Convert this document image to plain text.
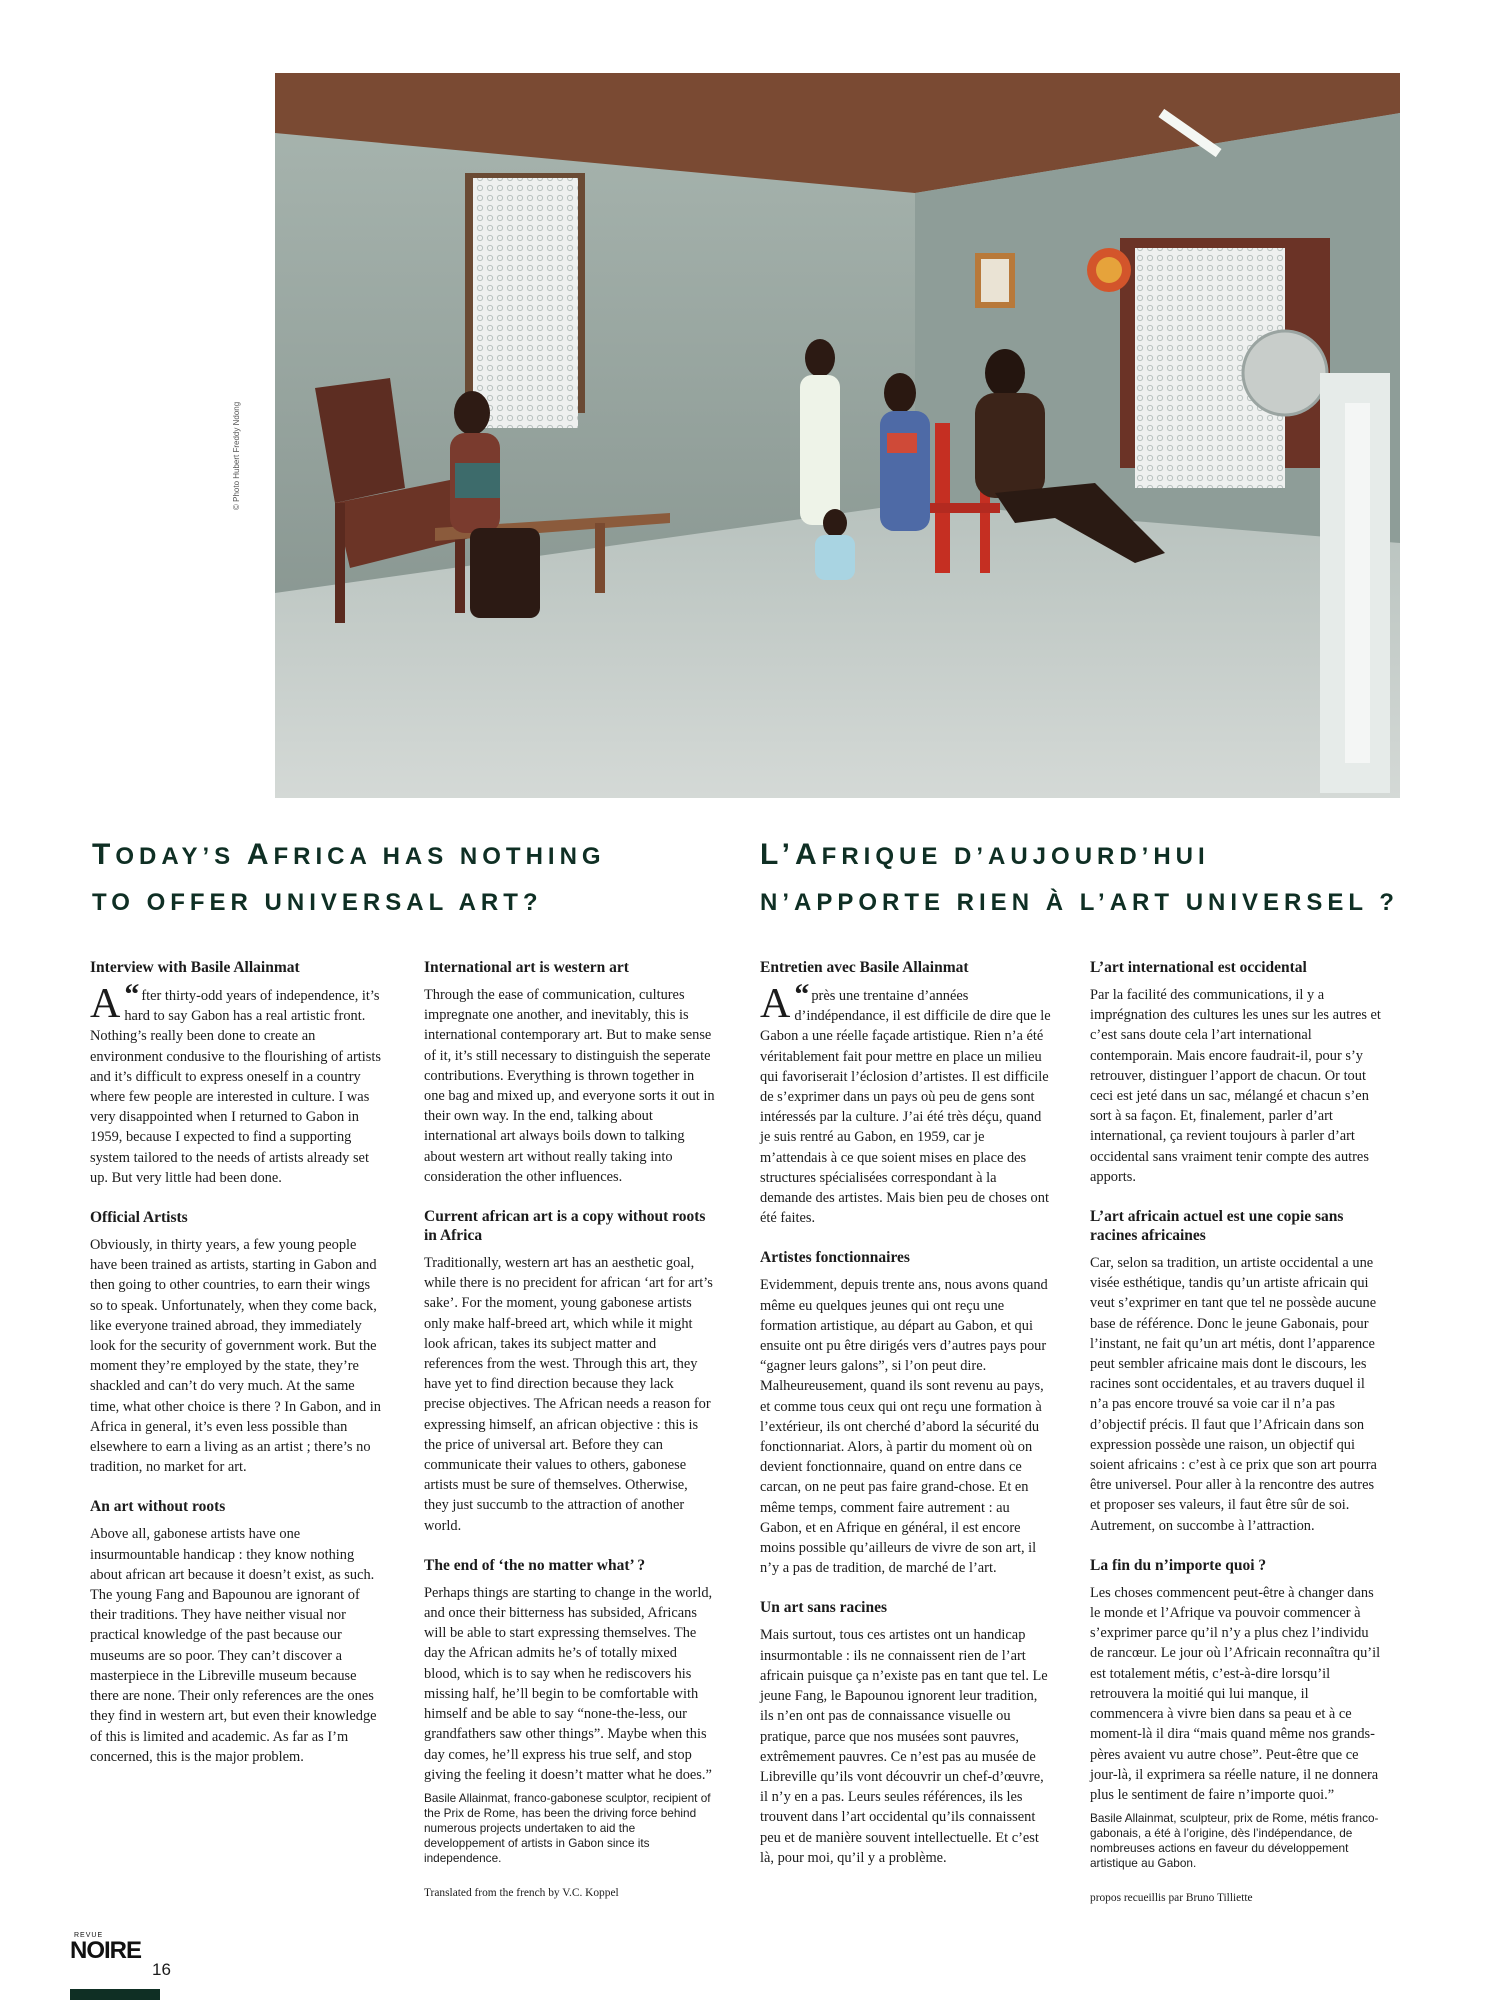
© Photo Hubert Freddy Ndong
TODAY’S AFRICA HAS NOTHING
TO OFFER UNIVERSAL ART?
L’AFRIQUE D’AUJOURD’HUI
N’APPORTE RIEN À L’ART UNIVERSEL ?
Interview with Basile Allainmat

“
A fter thirty-odd years of independence, it’s hard to say Gabon has a real artistic front. Nothing’s really been done to create an environment condusive to the flourishing of artists and it’s difficult to express oneself in a country where few people are interested in culture. I was very disappointed when I returned to Gabon in 1959, because I expected to find a supporting system tailored to the needs of artists already set up. But very little had been done.

Official Artists

Obviously, in thirty years, a few young people have been trained as artists, starting in Gabon and then going to other countries, to earn their wings so to speak. Unfortunately, when they come back, like everyone trained abroad, they immediately look for the security of government work. But the moment they’re employed by the state, they’re shackled and can’t do very much. At the same time, what other choice is there ? In Gabon, and in Africa in general, it’s even less possible than elsewhere to earn a living as an artist ; there’s no tradition, no market for art.

An art without roots

Above all, gabonese artists have one insurmountable handicap : they know nothing about african art because it doesn’t exist, as such. The young Fang and Bapounou are ignorant of their traditions. They have neither visual nor practical knowledge of the past because our museums are so poor. They can’t discover a masterpiece in the Libreville museum because there are none. Their only references are the ones they find in western art, but even their knowledge of this is limited and academic. As far as I’m concerned, this is the major problem.

International art is western art

Through the ease of communication, cultures impregnate one another, and inevitably, this is international contemporary art. But to make sense of it, it’s still necessary to distinguish the seperate contributions. Everything is thrown together in one bag and mixed up, and everyone sorts it out in their own way. In the end, talking about international art always boils down to talking about western art without really taking into consideration the other influences.

Current african art is a copy without roots in Africa

Traditionally, western art has an aesthetic goal, while there is no precident for african ‘art for art’s sake’. For the moment, young gabonese artists only make half-breed art, which while it might look african, takes its subject matter and references from the west. Through this art, they have yet to find direction because they lack precise objectives. The African needs a reason for expressing himself, an african objective : this is the price of universal art. Before they can communicate their values to others, gabonese artists must be sure of themselves. Otherwise, they just succumb to the attraction of another world.

The end of ‘the no matter what’ ?

Perhaps things are starting to change in the world, and once their bitterness has subsided, Africans will be able to start expressing themselves. The day the African admits he’s of totally mixed blood, which is to say when he rediscovers his missing half, he’ll begin to be comfortable with himself and be able to say “none-the-less, our grandfathers saw other things”. Maybe when this day comes, he’ll express his true self, and stop giving the feeling it doesn’t matter what he does.”

Basile Allainmat, franco-gabonese sculptor, recipient of the Prix de Rome, has been the driving force behind numerous projects undertaken to aid the developpement of artists in Gabon since its independence.

Translated from the french by V.C. Koppel

Entretien avec Basile Allainmat

“
A près une trentaine d’années d’indépendance, il est difficile de dire que le Gabon a une réelle façade artistique. Rien n’a été véritablement fait pour mettre en place un milieu qui favoriserait l’éclosion d’artistes. Il est difficile de s’exprimer dans un pays où peu de gens sont intéressés par la culture. J’ai été très déçu, quand je suis rentré au Gabon, en 1959, car je m’attendais à ce que soient mises en place des structures spécialisées correspondant à la demande des artistes. Mais bien peu de choses ont été faites.

Artistes fonctionnaires

Evidemment, depuis trente ans, nous avons quand même eu quelques jeunes qui ont reçu une formation artistique, au départ au Gabon, et qui ensuite ont pu être dirigés vers d’autres pays pour “gagner leurs galons”, si l’on peut dire. Malheureusement, quand ils sont revenu au pays, et comme tous ceux qui ont reçu une formation à l’extérieur, ils ont cherché d’abord la sécurité du fonctionnariat. Alors, à partir du moment où on devient fonctionnaire, quand on entre dans ce carcan, on ne peut pas faire grand-chose. Et en même temps, comment faire autrement : au Gabon, et en Afrique en général, il est encore moins possible qu’ailleurs de vivre de son art, il n’y a pas de tradition, de marché de l’art.

Un art sans racines

Mais surtout, tous ces artistes ont un handicap insurmontable : ils ne connaissent rien de l’art africain puisque ça n’existe pas en tant que tel. Le jeune Fang, le Bapounou ignorent leur tradition, ils n’en ont pas de connaissance visuelle ou pratique, parce que nos musées sont pauvres, extrêmement pauvres. Ce n’est pas au musée de Libreville qu’ils vont découvrir un chef-d’œuvre, il n’y en a pas. Leurs seules références, ils les trouvent dans l’art occidental qu’ils connaissent peu et de manière souvent intellectuelle. Et c’est là, pour moi, qu’il y a problème.

L’art international est occidental

Par la facilité des communications, il y a imprégnation des cultures les unes sur les autres et c’est sans doute cela l’art international contemporain. Mais encore faudrait-il, pour s’y retrouver, distinguer l’apport de chacun. Or tout ceci est jeté dans un sac, mélangé et chacun s’en sort à sa façon. Et, finalement, parler d’art international, ça revient toujours à parler d’art occidental sans vraiment tenir compte des autres apports.

L’art africain actuel est une copie sans racines africaines

Car, selon sa tradition, un artiste occidental a une visée esthétique, tandis qu’un artiste africain qui veut s’exprimer en tant que tel ne possède aucune base de référence. Donc le jeune Gabonais, pour l’instant, ne fait qu’un art métis, dont l’apparence peut sembler africaine mais dont le discours, les racines sont occidentales, et au travers duquel il n’a pas encore trouvé sa voie car il n’a pas d’objectif précis. Il faut que l’Africain dans son expression possède une raison, un objectif qui soient africains : c’est à ce prix que son art pourra être universel. Pour aller à la rencontre des autres et proposer ses valeurs, il faut être sûr de soi. Autrement, on succombe à l’attraction.

La fin du n’importe quoi ?

Les choses commencent peut-être à changer dans le monde et l’Afrique va pouvoir commencer à s’exprimer parce qu’il n’y a plus chez l’individu de rancœur. Le jour où l’Africain reconnaîtra qu’il est totalement métis, c’est-à-dire lorsqu’il retrouvera la moitié qui lui manque, il commencera à vivre bien dans sa peau et à ce moment-là il dira “mais quand même nos grands-pères avaient vu autre chose”. Peut-être que ce jour-là, il exprimera sa réelle nature, il ne donnera plus le sentiment de faire n’importe quoi.”

Basile Allainmat, sculpteur, prix de Rome, métis franco-gabonais, a été à l’origine, dès l’indépendance, de nombreuses actions en faveur du développement artistique au Gabon.

propos recueillis par Bruno Tilliette

REVUE
NOIRE
16
